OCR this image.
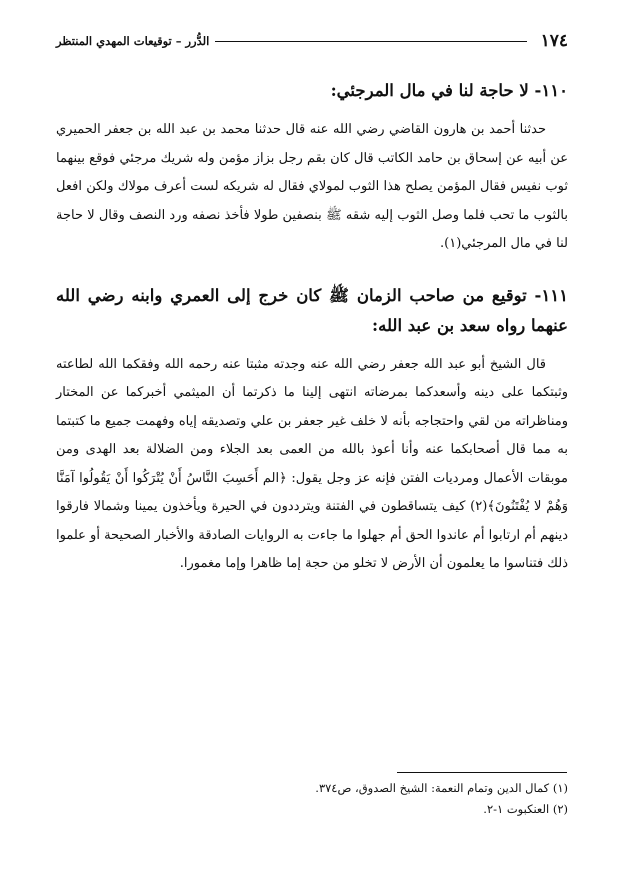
١٧٤
الدُّرر – توقيعات المهدي المنتظر
١١٠- لا حاجة لنا في مال المرجئي:

حدثنا أحمد بن هارون القاضي رضي الله عنه قال حدثنا محمد بن عبد الله بن جعفر الحميري عن أبيه عن إسحاق بن حامد الكاتب قال كان بقم رجل بزاز مؤمن وله شريك مرجئي فوقع بينهما ثوب نفيس فقال المؤمن يصلح هذا الثوب لمولاي فقال له شريكه لست أعرف مولاك ولكن افعل بالثوب ما تحب فلما وصل الثوب إليه شقه ﷺ بنصفين طولا فأخذ نصفه ورد النصف وقال لا حاجة لنا في مال المرجئي(١).

١١١- توقيع من صاحب الزمان ﷺ كان خرج إلى العمري وابنه رضي الله عنهما رواه سعد بن عبد الله:

قال الشيخ أبو عبد الله جعفر رضي الله عنه وجدته مثبتا عنه رحمه الله وفقكما الله لطاعته وثبتكما على دينه وأسعدكما بمرضاته انتهى إلينا ما ذكرتما أن الميثمي أخبركما عن المختار ومناظراته من لقي واحتجاجه بأنه لا خلف غير جعفر بن علي وتصديقه إياه وفهمت جميع ما كتبتما به مما قال أصحابكما عنه وأنا أعوذ بالله من العمى بعد الجلاء ومن الضلالة بعد الهدى ومن موبقات الأعمال ومرديات الفتن فإنه عز وجل يقول: ﴿الم أَحَسِبَ النَّاسُ أَنْ يُتْرَكُوا أَنْ يَقُولُوا آمَنَّا وَهُمْ لا يُفْتَنُونَ﴾(٢) كيف يتساقطون في الفتنة ويترددون في الحيرة ويأخذون يمينا وشمالا فارقوا دينهم أم ارتابوا أم عاندوا الحق أم جهلوا ما جاءت به الروايات الصادقة والأخبار الصحيحة أو علموا ذلك فتناسوا ما يعلمون أن الأرض لا تخلو من حجة إما ظاهرا وإما مغمورا.

(١) كمال الدين وتمام النعمة: الشيخ الصدوق، ص٣٧٤.

(٢) العنكبوت ١-٢.
